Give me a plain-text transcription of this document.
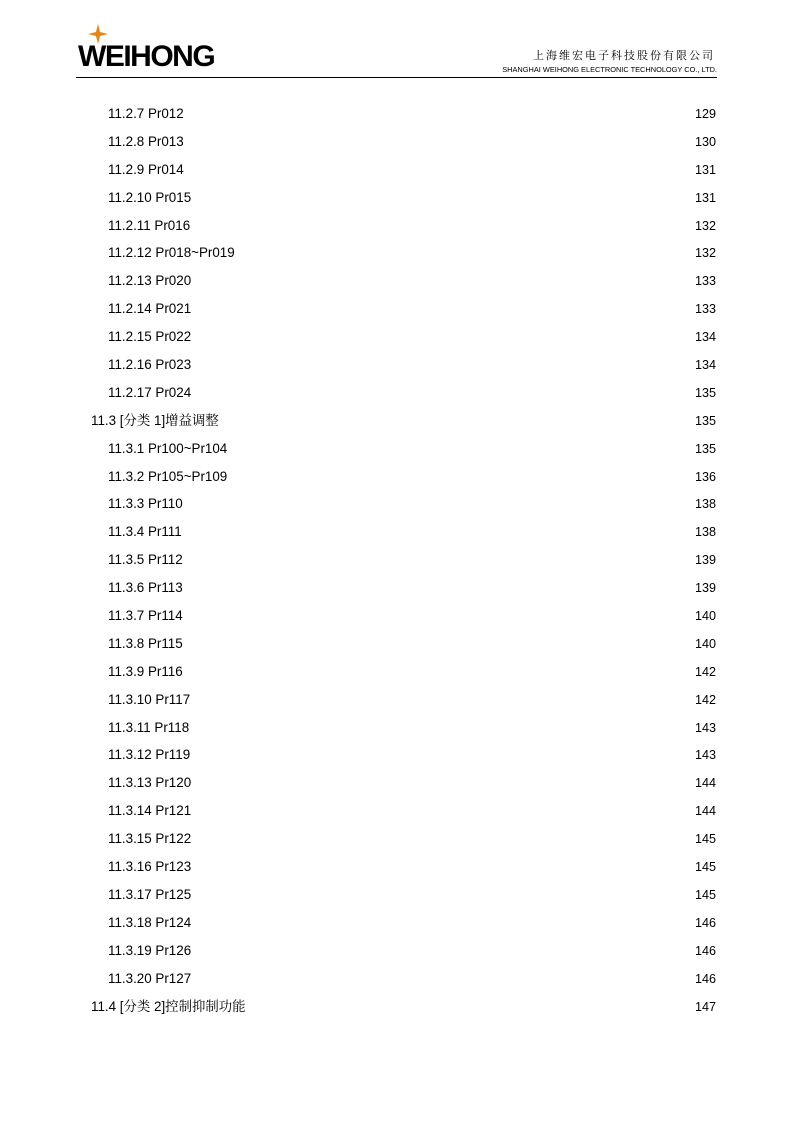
WEIHONG	上海维宏电子科技股份有限公司
SHANGHAI WEIHONG ELECTRONIC TECHNOLOGY CO., LTD.
11.2.7 Pr012	129
11.2.8 Pr013	130
11.2.9 Pr014	131
11.2.10 Pr015	131
11.2.11 Pr016	132
11.2.12 Pr018~Pr019	132
11.2.13 Pr020	133
11.2.14 Pr021	133
11.2.15 Pr022	134
11.2.16 Pr023	134
11.2.17 Pr024	135
11.3 [分类 1]增益调整	135
11.3.1 Pr100~Pr104	135
11.3.2 Pr105~Pr109	136
11.3.3 Pr110	138
11.3.4 Pr111	138
11.3.5 Pr112	139
11.3.6 Pr113	139
11.3.7 Pr114	140
11.3.8 Pr115	140
11.3.9 Pr116	142
11.3.10 Pr117	142
11.3.11 Pr118	143
11.3.12 Pr119	143
11.3.13 Pr120	144
11.3.14 Pr121	144
11.3.15 Pr122	145
11.3.16 Pr123	145
11.3.17 Pr125	145
11.3.18 Pr124	146
11.3.19 Pr126	146
11.3.20 Pr127	146
11.4 [分类 2]控制抑制功能	147
